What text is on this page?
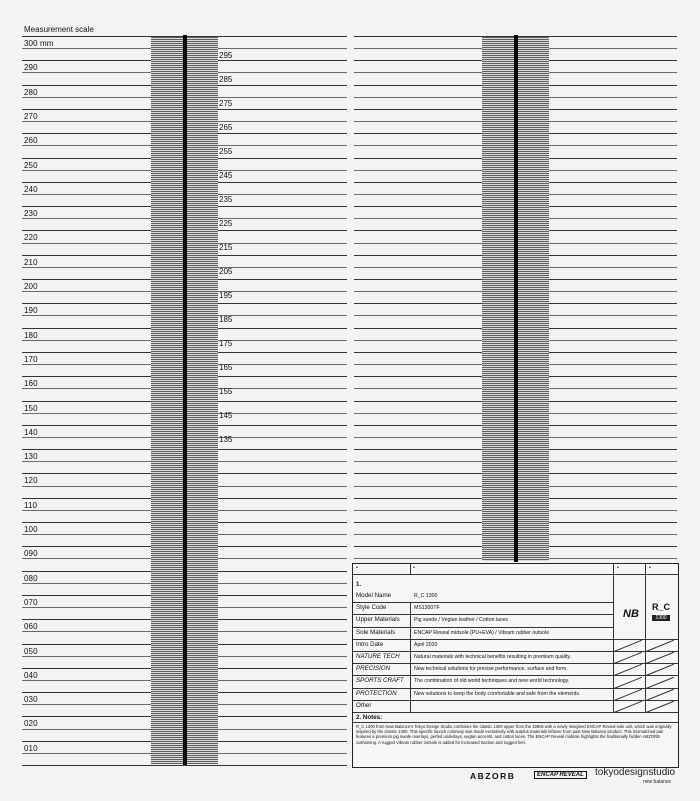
Measurement scale
300 mm
290
280
270
260
250
240
230
220
210
200
190
180
170
160
150
140
130
120
110
100
090
080
070
060
050
040
030
020
010
295
285
275
265
255
245
235
225
215
205
195
185
175
165
155
145
135
•	•	•	•
1.
Model Name	R_C 1300
Style Code	MS1300TF
Upper Materials	Pig suede / Vegtan leather / Cotton laces
Sole Materials	ENCAP Reveal midsole (PU+EVA) / Vibram rubber outsole
Intro Date	April 2020
NATURE TECH	Natural materials with technical benefits resulting in premium quality.
PRECISION	New technical solutions for precise performance, surface and form.
SPORTS CRAFT The combination of old world techniques and new world technology.
PROTECTION	New solutions to keep the body comfortable and safe from the elements.
Other
NB
R_C
1300
2. Notes:
R_C 1300 from New Balance's Tokyo Design Studio combines the classic 1300 upper from the 1980s with a newly imagined ENCAP Reveal sole unit, which was originally inspired by the classic 1300. This specific launch colorway was made exclusively with surplus materials leftover from past New Balance product. This mismatched pair features a premium pig suede overlays, perfed underlays, vegtan accents, and cotton laces. The ENCAP Reveal midsole highlights the traditionally hidden ABZORB cushioning. A rugged Vibram rubber outsole is added for increased traction and rugged feel.
ABZORB	ENCAP REVEAL	tokyodesignstudio
new balance
